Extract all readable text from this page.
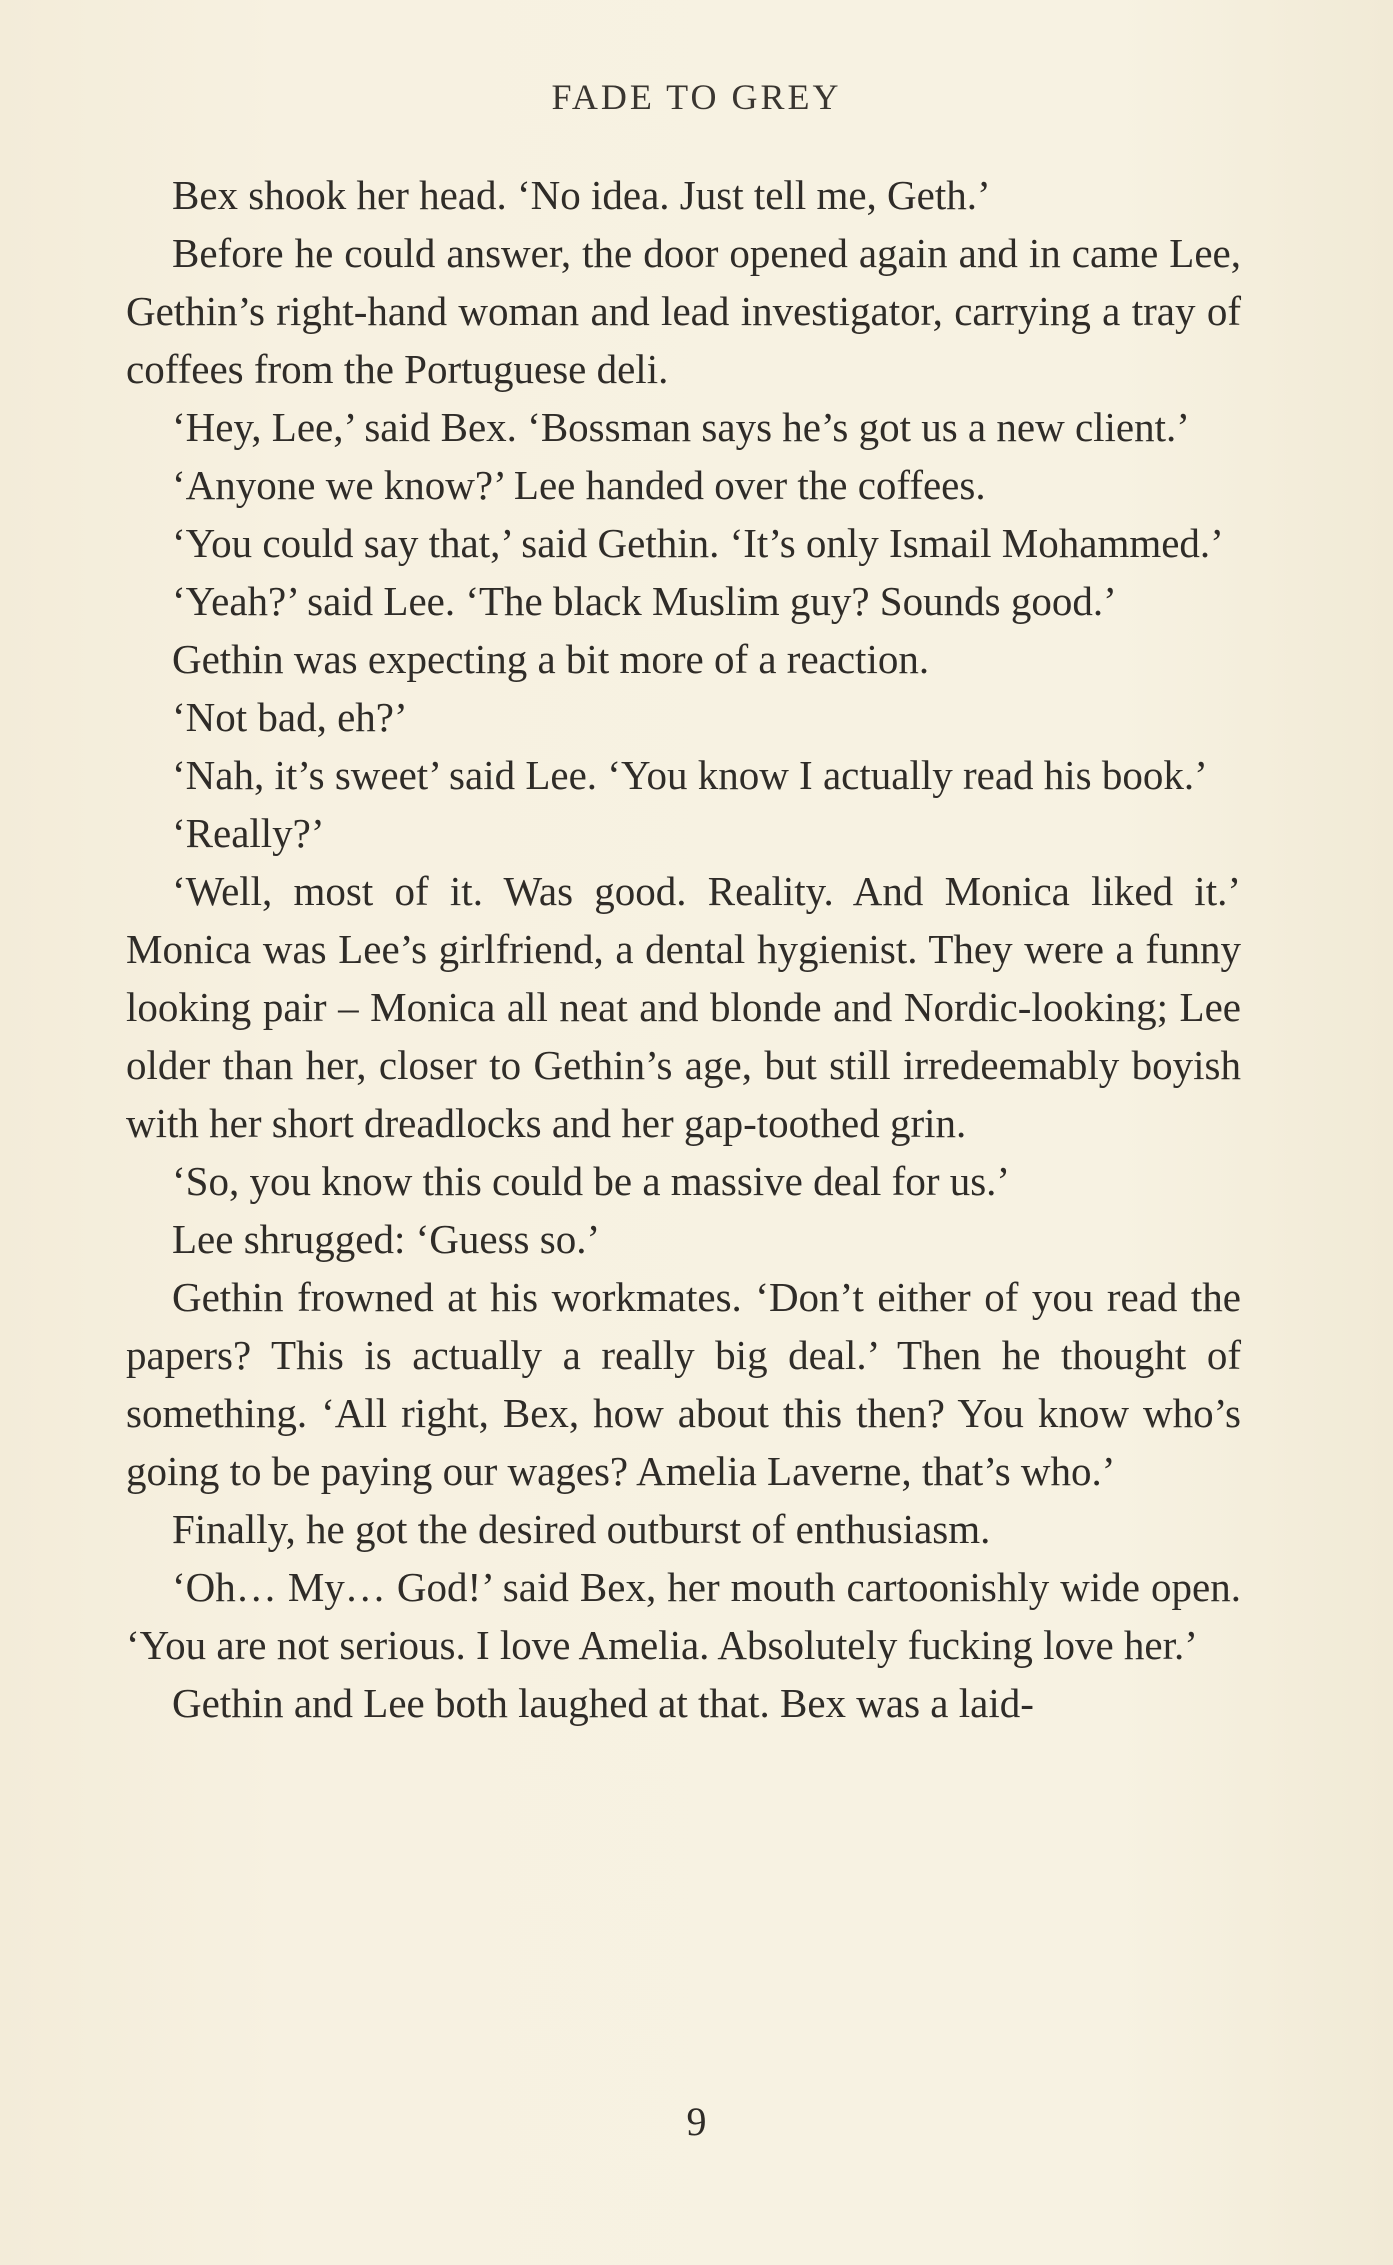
FADE TO GREY

Bex shook her head. ‘No idea. Just tell me, Geth.’

Before he could answer, the door opened again and in came Lee, Gethin’s right-hand woman and lead investigator, carrying a tray of coffees from the Portuguese deli.

‘Hey, Lee,’ said Bex. ‘Bossman says he’s got us a new client.’

‘Anyone we know?’ Lee handed over the coffees.

‘You could say that,’ said Gethin. ‘It’s only Ismail Mohammed.’

‘Yeah?’ said Lee. ‘The black Muslim guy? Sounds good.’

Gethin was expecting a bit more of a reaction.

‘Not bad, eh?’

‘Nah, it’s sweet’ said Lee. ‘You know I actually read his book.’

‘Really?’

‘Well, most of it. Was good. Reality. And Monica liked it.’ Monica was Lee’s girlfriend, a dental hygienist. They were a funny looking pair – Monica all neat and blonde and Nordic-looking; Lee older than her, closer to Gethin’s age, but still irredeemably boyish with her short dreadlocks and her gap-toothed grin.

‘So, you know this could be a massive deal for us.’

Lee shrugged: ‘Guess so.’

Gethin frowned at his workmates. ‘Don’t either of you read the papers? This is actually a really big deal.’ Then he thought of something. ‘All right, Bex, how about this then? You know who’s going to be paying our wages? Amelia Laverne, that’s who.’

Finally, he got the desired outburst of enthusiasm.

‘Oh… My… God!’ said Bex, her mouth cartoonishly wide open. ‘You are not serious. I love Amelia. Absolutely fucking love her.’

Gethin and Lee both laughed at that. Bex was a laid-

9
